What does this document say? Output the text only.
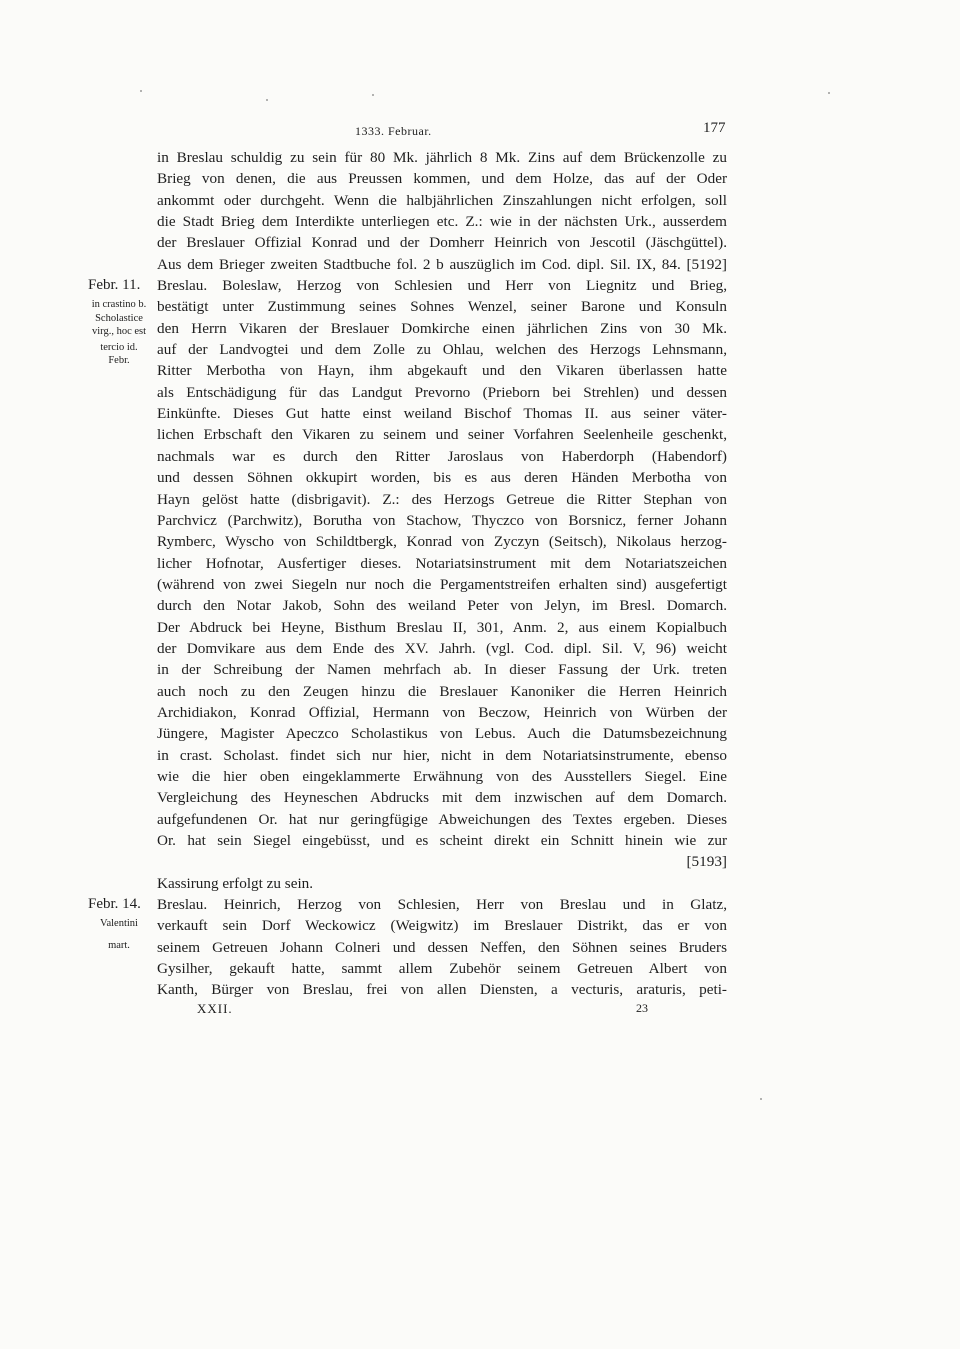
1333. Februar.	177
in Breslau schuldig zu sein für 80 Mk. jährlich 8 Mk. Zins auf dem Brückenzolle zu
Brieg von denen, die aus Preussen kommen, und dem Holze, das auf der Oder
ankommt oder durchgeht. Wenn die halbjährlichen Zinszahlungen nicht erfolgen, soll
die Stadt Brieg dem Interdikte unterliegen etc. Z.: wie in der nächsten Urk., ausserdem
der Breslauer Offizial Konrad und der Domherr Heinrich von Jescotil (Jäschgüttel).
Aus dem Brieger zweiten Stadtbuche fol. 2 b auszüglich im Cod. dipl. Sil. IX, 84. [5192]
Febr. 11. Breslau. Boleslaw, Herzog von Schlesien und Herr von Liegnitz und Brieg,
in crastino b. bestätigt unter Zustimmung seines Sohnes Wenzel, seiner Barone und Konsuln
Scholastice
virg., hoc est den Herrn Vikaren der Breslauer Domkirche einen jährlichen Zins von 30 Mk.
tercio id.
Febr.
auf der Landvogtei und dem Zolle zu Ohlau, welchen des Herzogs Lehnsmann,
Ritter Merbotha von Hayn, ihm abgekauft und den Vikaren überlassen hatte
als Entschädigung für das Landgut Prevorno (Prieborn bei Strehlen) und dessen
Einkünfte. Dieses Gut hatte einst weiland Bischof Thomas II. aus seiner väter-
lichen Erbschaft den Vikaren zu seinem und seiner Vorfahren Seelenheile geschenkt,
nachmals war es durch den Ritter Jaroslaus von Haberdorph (Habendorf)
und dessen Söhnen okkupirt worden, bis es aus deren Händen Merbotha von
Hayn gelöst hatte (disbrigavit). Z.: des Herzogs Getreue die Ritter Stephan von
Parchvicz (Parchwitz), Borutha von Stachow, Thyczco von Borsnicz, ferner Johann
Rymberc, Wyscho von Schildtbergk, Konrad von Zyczyn (Seitsch), Nikolaus herzog-
licher Hofnotar, Ausfertiger dieses. Notariatsinstrument mit dem Notariatszeichen
(während von zwei Siegeln nur noch die Pergamentstreifen erhalten sind) ausgefertigt
durch den Notar Jakob, Sohn des weiland Peter von Jelyn, im Bresl. Domarch.
Der Abdruck bei Heyne, Bisthum Breslau II, 301, Anm. 2, aus einem Kopialbuch
der Domvikare aus dem Ende des XV. Jahrh. (vgl. Cod. dipl. Sil. V, 96) weicht
in der Schreibung der Namen mehrfach ab. In dieser Fassung der Urk. treten
auch noch zu den Zeugen hinzu die Breslauer Kanoniker die Herren Heinrich
Archidiakon, Konrad Offizial, Hermann von Beczow, Heinrich von Würben der
Jüngere, Magister Apeczco Scholastikus von Lebus. Auch die Datumsbezeichnung
in crast. Scholast. findet sich nur hier, nicht in dem Notariatsinstrumente, ebenso
wie die hier oben eingeklammerte Erwähnung von des Ausstellers Siegel. Eine
Vergleichung des Heyneschen Abdrucks mit dem inzwischen auf dem Domarch.
aufgefundenen Or. hat nur geringfügige Abweichungen des Textes ergeben. Dieses
Or. hat sein Siegel eingebüsst, und es scheint direkt ein Schnitt hinein wie zur
[5193]
Kassirung erfolgt zu sein.
Febr. 14. Breslau. Heinrich, Herzog von Schlesien, Herr von Breslau und in Glatz,
Valentini	verkauft sein Dorf Weckowicz (Weigwitz) im Breslauer Distrikt, das er von
mart.	seinem Getreuen Johann Colneri und dessen Neffen, den Söhnen seines Bruders
Gysilher, gekauft hatte, sammt allem Zubehör seinem Getreuen Albert von
Kanth, Bürger von Breslau, frei von allen Diensten, a vecturis, araturis, peti-
XXII.	23
